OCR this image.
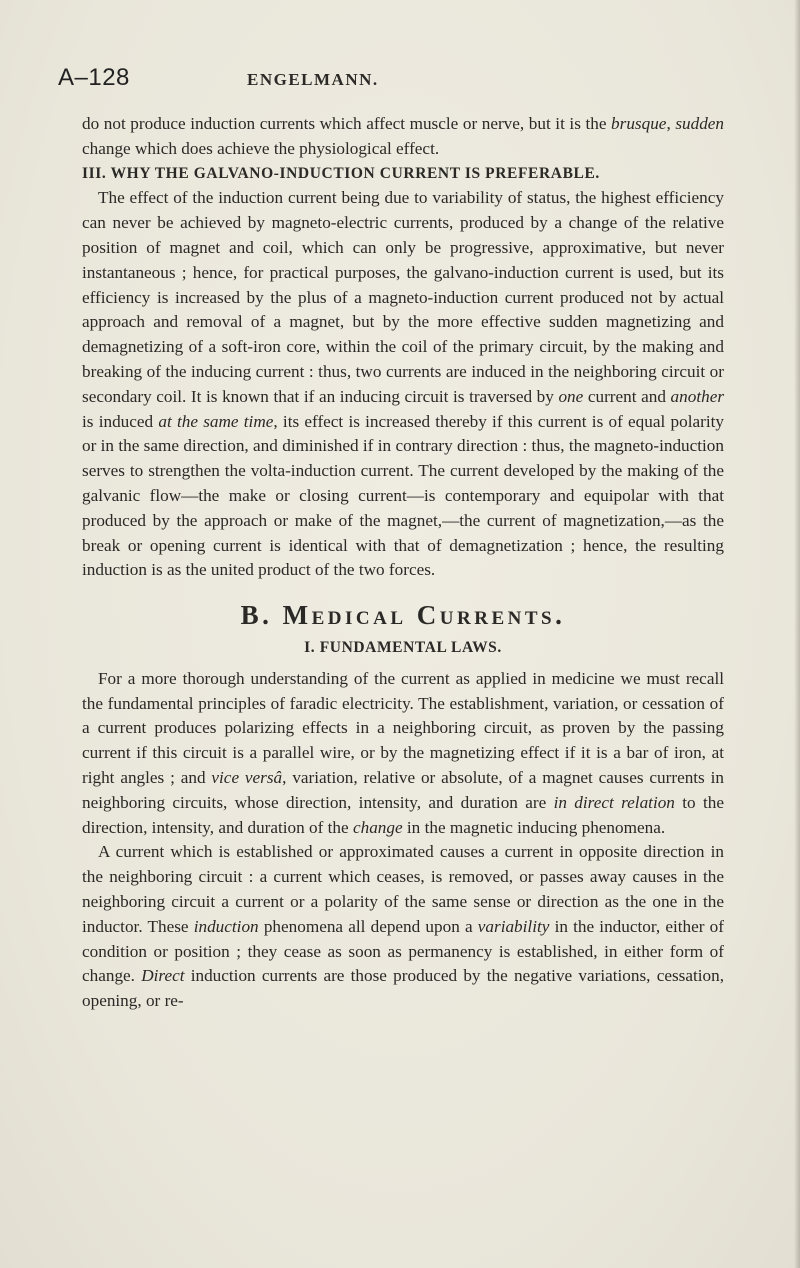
A–128	ENGELMANN.

do not produce induction currents which affect muscle or nerve, but it is the brusque, sudden change which does achieve the physiological effect.

III. WHY THE GALVANO-INDUCTION CURRENT IS PREFERABLE.

The effect of the induction current being due to variability of status, the highest efficiency can never be achieved by magneto-electric currents, produced by a change of the relative position of magnet and coil, which can only be progressive, approximative, but never instantaneous ; hence, for practical purposes, the galvano-induction current is used, but its efficiency is increased by the plus of a magneto-induction current produced not by actual approach and removal of a magnet, but by the more effective sudden magnetizing and demagnetizing of a soft-iron core, within the coil of the primary circuit, by the making and breaking of the inducing current : thus, two currents are induced in the neighboring circuit or secondary coil. It is known that if an inducing circuit is traversed by one current and another is induced at the same time, its effect is increased thereby if this current is of equal polarity or in the same direction, and diminished if in contrary direction : thus, the magneto-induction serves to strengthen the volta-induction current. The current developed by the making of the galvanic flow—the make or closing current—is contemporary and equipolar with that produced by the approach or make of the magnet,—the current of magnetization,—as the break or opening current is identical with that of demagnetization ; hence, the resulting induction is as the united product of the two forces.

B. Medical Currents.
I. FUNDAMENTAL LAWS.

For a more thorough understanding of the current as applied in medicine we must recall the fundamental principles of faradic electricity. The establishment, variation, or cessation of a current produces polarizing effects in a neighboring circuit, as proven by the passing current if this circuit is a parallel wire, or by the magnetizing effect if it is a bar of iron, at right angles ; and vice versâ, variation, relative or absolute, of a magnet causes currents in neighboring circuits, whose direction, intensity, and duration are in direct relation to the direction, intensity, and duration of the change in the magnetic inducing phenomena.

A current which is established or approximated causes a current in opposite direction in the neighboring circuit : a current which ceases, is removed, or passes away causes in the neighboring circuit a current or a polarity of the same sense or direction as the one in the inductor. These induction phenomena all depend upon a variability in the inductor, either of condition or position ; they cease as soon as permanency is established, in either form of change. Direct induction currents are those produced by the negative variations, cessation, opening, or re-
